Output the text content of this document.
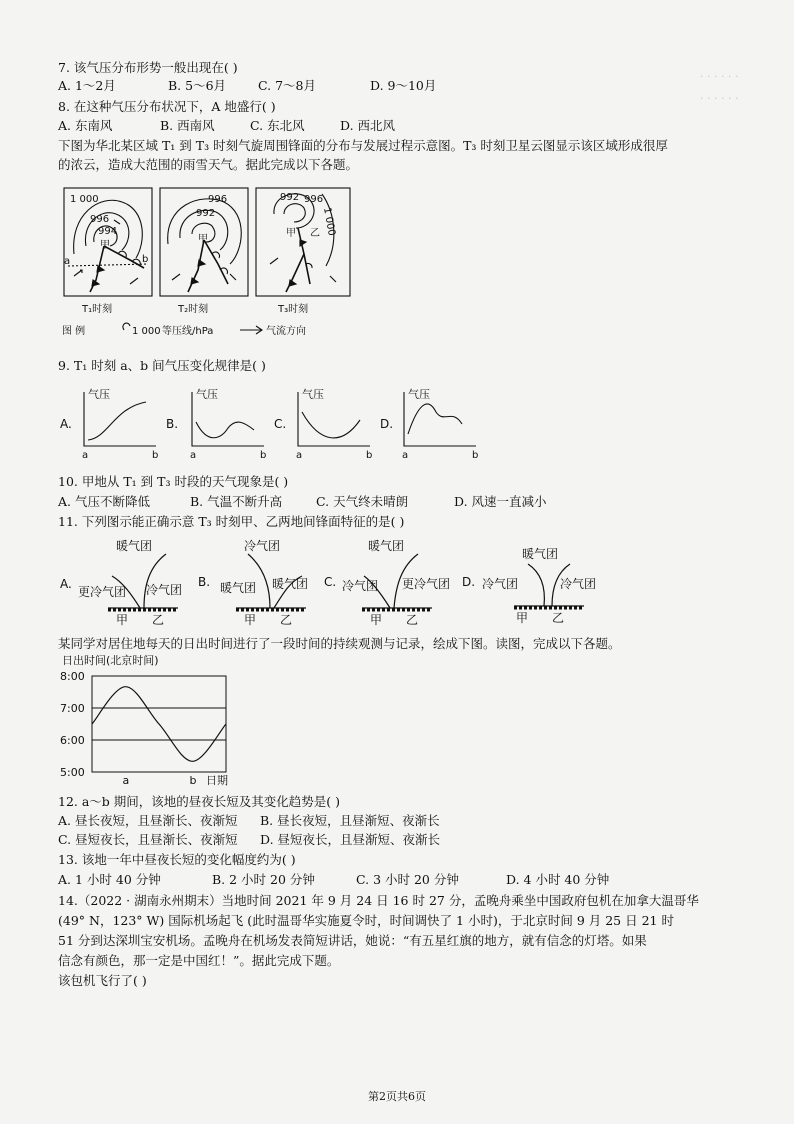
· · · · · ·
· · · · · ·
7. 该气压分布形势一般出现在( )
A. 1～2月	B. 5～6月	C. 7～8月	D. 9～10月
8. 在这种气压分布状况下，A 地盛行( )
A. 东南风	B. 西南风	C. 东北风	D. 西北风
下图为华北某区域 T₁ 到 T₃ 时刻气旋周围锋面的分布与发展过程示意图。T₃ 时刻卫星云图显示该区域形成很厚
的浓云，造成大范围的雨雪天气。据此完成以下各题。
1 000
996
994
甲
a	b
T₁时刻
996
992
甲
T₂时刻
992 996
1 000
甲 乙
T₃时刻
图 例	1 000 等压线/hPa	气流方向
9. T₁ 时刻 a、b 间气压变化规律是( )
A.
气压
a	b
B.
气压
a	b
C.
气压
a	b
D.
气压
a	b
10. 甲地从 T₁ 到 T₃ 时段的天气现象是( )
A. 气压不断降低	B. 气温不断升高	C. 天气终未晴朗	D. 风速一直减小
11. 下列图示能正确示意 T₃ 时刻甲、乙两地间锋面特征的是( )
A.
暖气团
更冷气团 冷气团
甲 乙
B.
冷气团
暖气团 暖气团
甲 乙
C.
暖气团
冷气团 更冷气团
甲 乙
D.
暖气团
冷气团	冷气团
甲 乙
某同学对居住地每天的日出时间进行了一段时间的持续观测与记录，绘成下图。读图，完成以下各题。
日出时间(北京时间)
8:00
7:00
6:00
5:00
a	b 日期
12. a～b 期间，该地的昼夜长短及其变化趋势是( )
A. 昼长夜短，且昼渐长、夜渐短 B. 昼长夜短，且昼渐短、夜渐长
C. 昼短夜长，且昼渐长、夜渐短 D. 昼短夜长，且昼渐短、夜渐长
13. 该地一年中昼夜长短的变化幅度约为( )
A. 1 小时 40 分钟	B. 2 小时 20 分钟	C. 3 小时 20 分钟	D. 4 小时 40 分钟
14.（2022 · 湖南永州期末）当地时间 2021 年 9 月 24 日 16 时 27 分，孟晚舟乘坐中国政府包机在加拿大温哥华
(49° N，123° W) 国际机场起飞 (此时温哥华实施夏令时，时间调快了 1 小时)，于北京时间 9 月 25 日 21 时
51 分到达深圳宝安机场。孟晚舟在机场发表简短讲话，她说：“有五星红旗的地方，就有信念的灯塔。如果
信念有颜色，那一定是中国红！”。据此完成下题。
该包机飞行了( )
第2页共6页
